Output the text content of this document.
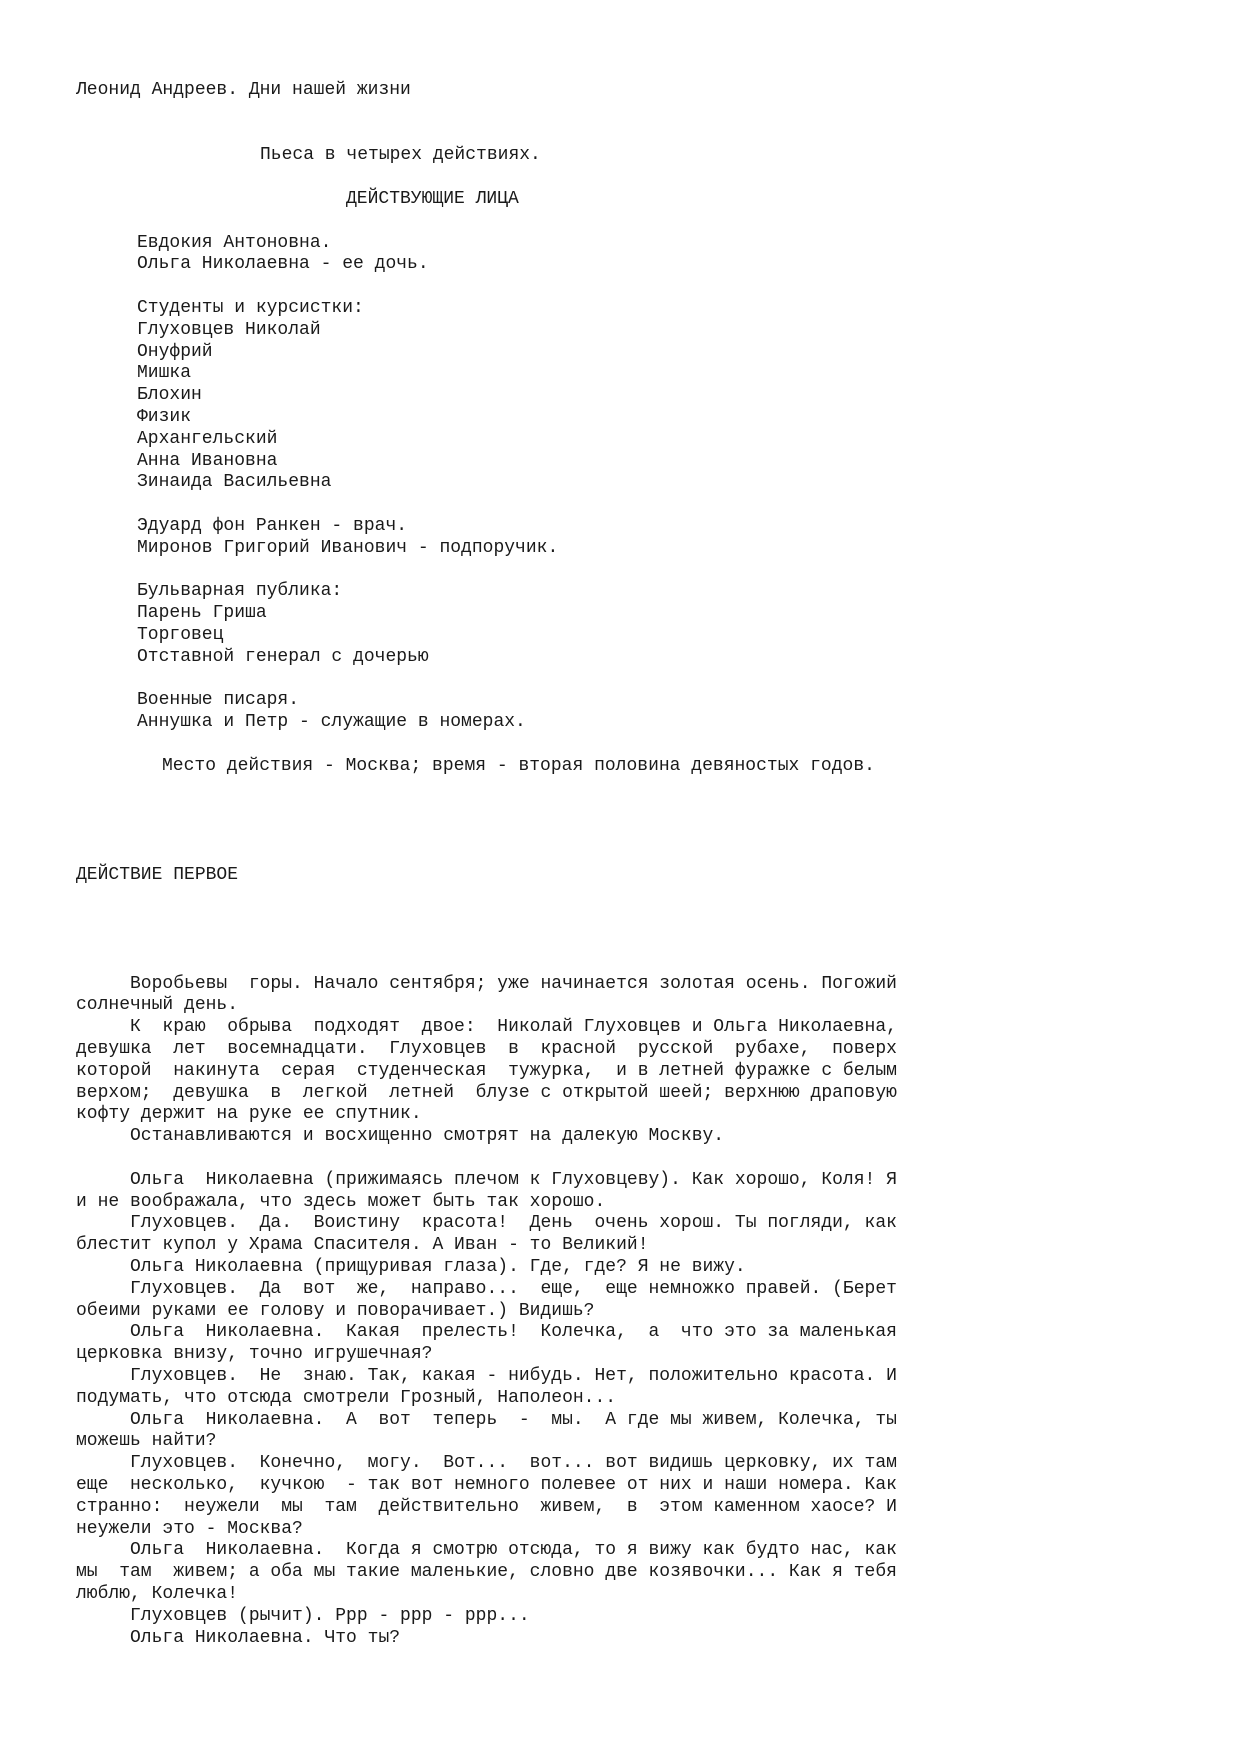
Леонид Андреев. Дни нашей жизни
Пьеса в четырех действиях.
ДЕЙСТВУЮЩИЕ ЛИЦА
Евдокия Антоновна.
Ольга Николаевна - ее дочь.
Студенты и курсистки:
Глуховцев Николай
Онуфрий
Мишка
Блохин
Физик
Архангельский
Анна Ивановна
Зинаида Васильевна
Эдуард фон Ранкен - врач.
Миронов Григорий Иванович - подпоручик.
Бульварная публика:
Парень Гриша
Торговец
Отставной генерал с дочерью
Военные писаря.
Аннушка и Петр - служащие в номерах.
Место действия - Москва; время - вторая половина девяностых годов.
ДЕЙСТВИЕ ПЕРВОЕ
Воробьевы  горы. Начало сентября; уже начинается золотая осень. Погожий
солнечный день.
К  краю  обрыва  подходят  двое:  Николай Глуховцев и Ольга Николаевна,
девушка  лет  восемнадцати.  Глуховцев  в  красной  русской  рубахе,  поверх
которой  накинута  серая  студенческая  тужурка,  и в летней фуражке с белым
верхом;  девушка  в  легкой  летней  блузе с открытой шеей; верхнюю драповую
кофту держит на руке ее спутник.
Останавливаются и восхищенно смотрят на далекую Москву.
Ольга  Николаевна (прижимаясь плечом к Глуховцеву). Как хорошо, Коля! Я
и не воображала, что здесь может быть так хорошо.
Глуховцев.  Да.  Воистину  красота!  День  очень хорош. Ты погляди, как
блестит купол у Храма Спасителя. А Иван - то Великий!
Ольга Николаевна (прищуривая глаза). Где, где? Я не вижу.
Глуховцев.  Да  вот  же,  направо...  еще,  еще немножко правей. (Берет
обеими руками ее голову и поворачивает.) Видишь?
Ольга  Николаевна.  Какая  прелесть!  Колечка,  а  что это за маленькая
церковка внизу, точно игрушечная?
Глуховцев.  Не  знаю. Так, какая - нибудь. Нет, положительно красота. И
подумать, что отсюда смотрели Грозный, Наполеон...
Ольга  Николаевна.  А  вот  теперь  -  мы.  А где мы живем, Колечка, ты
можешь найти?
Глуховцев.  Конечно,  могу.  Вот...  вот... вот видишь церковку, их там
еще  несколько,  кучкою  - так вот немного полевее от них и наши номера. Как
странно:  неужели  мы  там  действительно  живем,  в  этом каменном хаосе? И
неужели это - Москва?
Ольга  Николаевна.  Когда я смотрю отсюда, то я вижу как будто нас, как
мы  там  живем; а оба мы такие маленькие, словно две козявочки... Как я тебя
люблю, Колечка!
Глуховцев (рычит). Ррр - ррр - ррр...
Ольга Николаевна. Что ты?
